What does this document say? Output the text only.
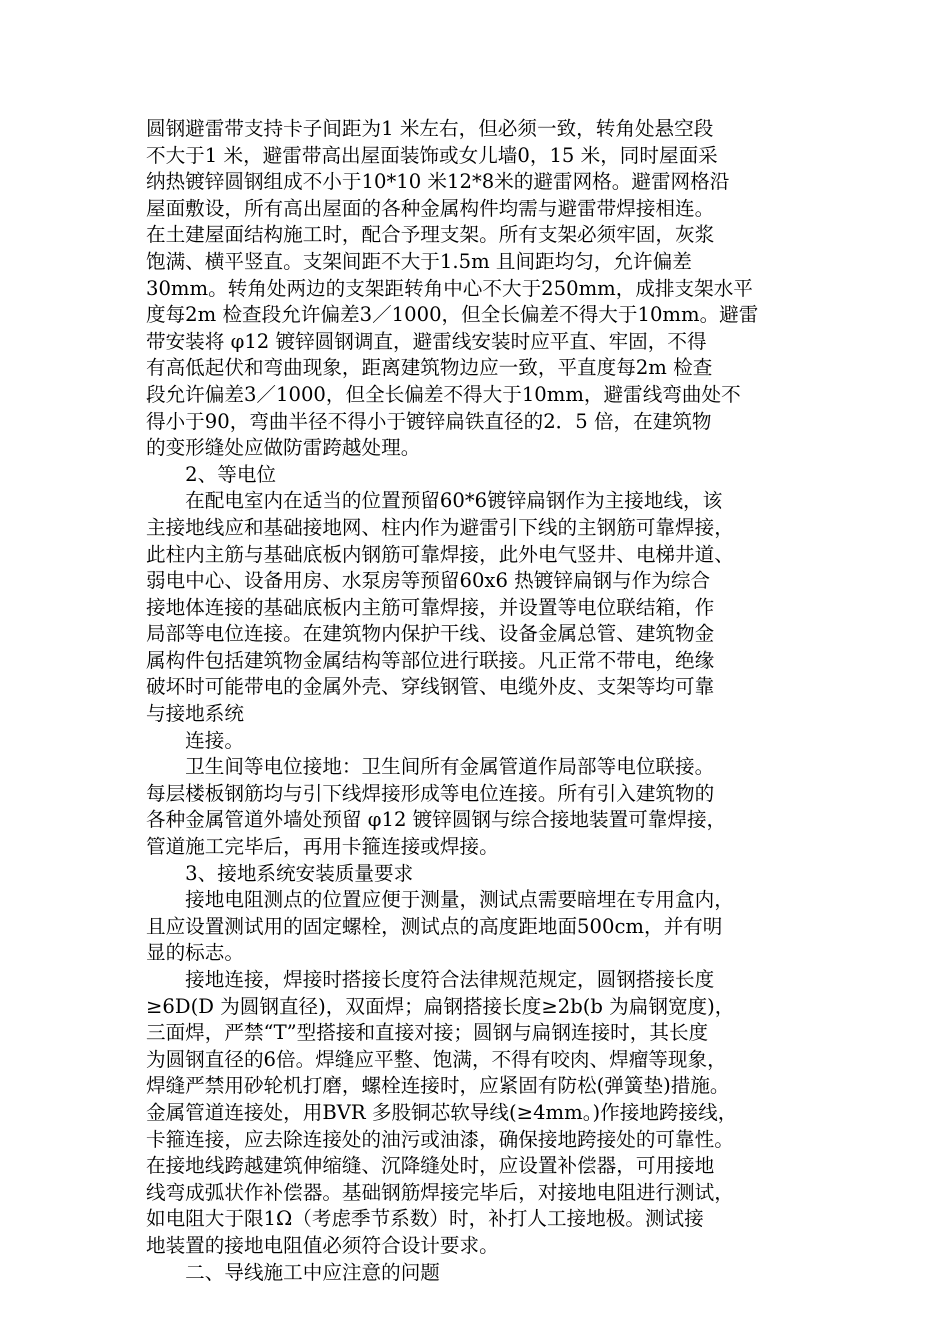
圆钢避雷带支持卡子间距为1 米左右，但必须一致，转角处悬空段
不大于1 米，避雷带高出屋面装饰或女儿墙0，15 米，同时屋面采
纳热镀锌圆钢组成不小于10*10 米12*8米的避雷网格。避雷网格沿
屋面敷设，所有高出屋面的各种金属构件均需与避雷带焊接相连。
在土建屋面结构施工时，配合予理支架。所有支架必须牢固，灰浆
饱满、横平竖直。支架间距不大于1.5m 且间距均匀，允许偏差
30mm。转角处两边的支架距转角中心不大于250mm，成排支架水平
度每2m 检查段允许偏差3／1000，但全长偏差不得大于10mm。避雷
带安装将 φ12 镀锌圆钢调直，避雷线安装时应平直、牢固，不得
有高低起伏和弯曲现象，距离建筑物边应一致，平直度每2m 检查
段允许偏差3／1000，但全长偏差不得大于10mm，避雷线弯曲处不
得小于90，弯曲半径不得小于镀锌扁铁直径的2．5 倍，在建筑物
的变形缝处应做防雷跨越处理。
　　2、等电位
　　在配电室内在适当的位置预留60*6镀锌扁钢作为主接地线，该
主接地线应和基础接地网、柱内作为避雷引下线的主钢筋可靠焊接，
此柱内主筋与基础底板内钢筋可靠焊接，此外电气竖井、电梯井道、
弱电中心、设备用房、水泵房等预留60x6 热镀锌扁钢与作为综合
接地体连接的基础底板内主筋可靠焊接，并设置等电位联结箱，作
局部等电位连接。在建筑物内保护干线、设备金属总管、建筑物金
属构件包括建筑物金属结构等部位进行联接。凡正常不带电，绝缘
破坏时可能带电的金属外壳、穿线钢管、电缆外皮、支架等均可靠
与接地系统
　　连接。
　　卫生间等电位接地：卫生间所有金属管道作局部等电位联接。
每层楼板钢筋均与引下线焊接形成等电位连接。所有引入建筑物的
各种金属管道外墙处预留 φ12 镀锌圆钢与综合接地装置可靠焊接，
管道施工完毕后，再用卡箍连接或焊接。
　　3、接地系统安装质量要求
　　接地电阻测点的位置应便于测量，测试点需要暗埋在专用盒内，
且应设置测试用的固定螺栓，测试点的高度距地面500cm，并有明
显的标志。
　　接地连接，焊接时搭接长度符合法律规范规定，圆钢搭接长度
≥6D(D 为圆钢直径)，双面焊；扁钢搭接长度≥2b(b 为扁钢宽度)，
三面焊，严禁“T”型搭接和直接对接；圆钢与扁钢连接时，其长度
为圆钢直径的6倍。焊缝应平整、饱满，不得有咬肉、焊瘤等现象，
焊缝严禁用砂轮机打磨，螺栓连接时，应紧固有防松(弹簧垫)措施。
金属管道连接处，用BVR 多股铜芯软导线(≥4mm。)作接地跨接线，
卡箍连接，应去除连接处的油污或油漆，确保接地跨接处的可靠性。
在接地线跨越建筑伸缩缝、沉降缝处时，应设置补偿器，可用接地
线弯成弧状作补偿器。基础钢筋焊接完毕后，对接地电阻进行测试，
如电阻大于限1Ω（考虑季节系数）时，补打人工接地极。测试接
地装置的接地电阻值必须符合设计要求。
　　二、导线施工中应注意的问题
